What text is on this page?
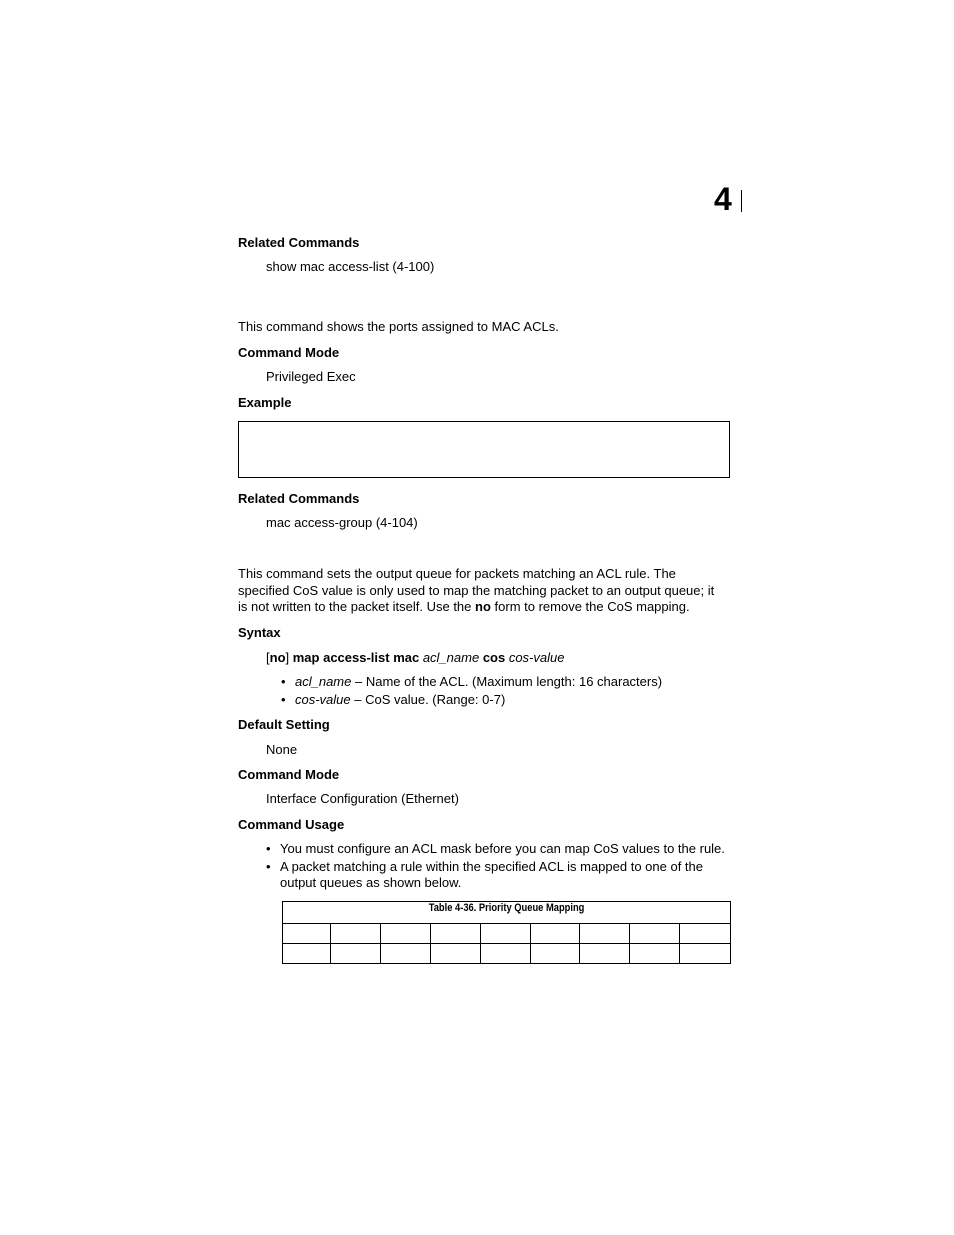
4
Related Commands
show mac access-list (4-100)
This command shows the ports assigned to MAC ACLs.
Command Mode
Privileged Exec
Example
Related Commands
mac access-group (4-104)
This command sets the output queue for packets matching an ACL rule. The
specified CoS value is only used to map the matching packet to an output queue; it
is not written to the packet itself. Use the no form to remove the CoS mapping.
Syntax
[no] map access-list mac acl_name cos cos-value
• acl_name – Name of the ACL. (Maximum length: 16 characters)
• cos-value – CoS value. (Range: 0-7)
Default Setting
None
Command Mode
Interface Configuration (Ethernet)
Command Usage
• You must configure an ACL mask before you can map CoS values to the rule.
• A packet matching a rule within the specified ACL is mapped to one of the
output queues as shown below.
Table 4-36. Priority Queue Mapping								
